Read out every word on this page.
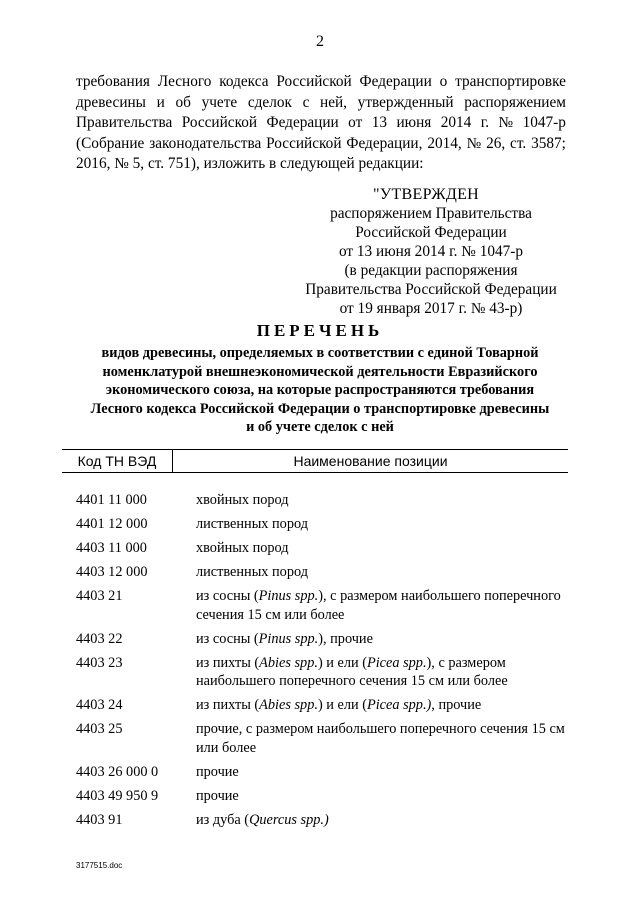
2
требования Лесного кодекса Российской Федерации о транспортировке
древесины и об учете сделок с ней, утвержденный распоряжением
Правительства Российской Федерации от 13 июня 2014 г. № 1047-р
(Собрание законодательства Российской Федерации, 2014, № 26, ст. 3587;
2016, № 5, ст. 751), изложить в следующей редакции:
"УТВЕРЖДЕН
распоряжением Правительства
Российской Федерации
от 13 июня 2014 г. № 1047-р
(в редакции распоряжения
Правительства Российской Федерации
от 19 января 2017 г. № 43-р)
ПЕРЕЧЕНЬ
видов древесины, определяемых в соответствии с единой Товарной
номенклатурой внешнеэкономической деятельности Евразийского
экономического союза, на которые распространяются требования
Лесного кодекса Российской Федерации о транспортировке древесины
и об учете сделок с ней
Код ТН ВЭД	Наименование позиции
4401 11 000	хвойных пород
4401 12 000	лиственных пород
4403 11 000	хвойных пород
4403 12 000	лиственных пород
4403 21	из сосны (Pinus spp.), с размером наибольшего поперечного сечения 15 см или более
4403 22	из сосны (Pinus spp.), прочие
4403 23	из пихты (Abies spp.) и ели (Picea spp.), с размером наибольшего поперечного сечения 15 см или более
4403 24	из пихты (Abies spp.) и ели (Picea spp.), прочие
4403 25	прочие, с размером наибольшего поперечного сечения 15 см или более
4403 26 000 0	прочие
4403 49 950 9	прочие
4403 91	из дуба (Quercus spp.)
3177515.doc
